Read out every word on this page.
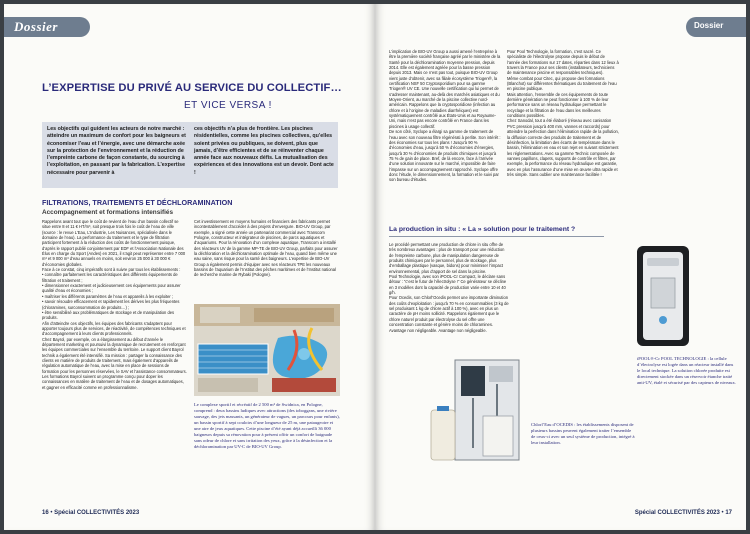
Dossier
L’EXPERTISE DU PRIVÉ AU SERVICE DU COLLECTIF…
ET VICE VERSA !
Les objectifs qui guident les acteurs de notre marché : atteindre un maximum de confort pour les baigneurs et économiser l’eau et l’énergie, avec une démarche axée sur la protection de l’environnement et la réduction de l’empreinte carbone de façon constante, du sourcing à l’exploitation, en passant par la fabrication. L’expertise nécessaire pour parvenir à
ces objectifs n’a plus de frontière. Les piscines résidentielles, comme les piscines collectives, qu’elles soient privées ou publiques, se doivent, plus que jamais, d’être efficientes et de se réinventer chaque année face aux nouveaux défis. La mutualisation des expériences et des innovations est un devoir. Dont acte !
FILTRATIONS, TRAITEMENTS ET DÉCHLORAMINATION
Accompagnement et formations intensifiés
Rappelons avant tout que le coût de revient de l’eau d’un bassin collectif se situe entre 8 et 11 € HT/m³, soit presque trois fois le coût de l’eau de ville (source : le revue L’Eau, L’Industrie, Les Nuisances, spécialisée dans le domaine de l’eau). La performance du traitement et le type de filtration participent fortement à la réduction des coûts de fonctionnement puisque, d’après le rapport publié conjointement par EDF et l’Association Nationale des Élus en charge du Sport (Andes) en 2021, il s’agit peut représenter entre 7 000 m³ et 9 000 m³ d’eau annuels en moins, soit environ 25 000 à 30 000 € d’économies globales.
Face à ce constat, cinq impératifs sont à suivre par tous les établissements :
• connaître parfaitement les caractéristiques des différents équipements de filtration et traitement ;
• dimensionner exactement et judicieusement ces équipements pour assurer qualité d’eau et économies ;
• maîtriser les différents paramètres de l’eau et appareils à les exploiter ;
• savoir résoudre efficacement et rapidement les dérives les plus fréquentes (chloramines, surconsommation de produits…) ;
• être sensibilisé aux problématiques de stockage et de manipulation des produits.
Afin d’atteindre ces objectifs, les équipes des fabricants s’adaptent pour apporter toujours plus de services, de réactivité, de compétences techniques et d’accompagnement à leurs clients professionnels.
Chez Bayrol, par exemple, on a élargissement au début d’année le département marketing et poursuivi la dynamique de recrutement en renforçant les équipes commerciales sur l’ensemble du territoire. Le support client Bayrol technik a également été intensifié. Sa mission : partager la connaissance des clients en matière de produits de traitement, mais également d’appareils de régulation automatique de l’eau, avec la mise en place de sessions de formation pour les personnes réservées, le SAV et l’assistance consommateurs. Les formations Bayrol suivent un programme conçu pour doper les connaissances en matière de traitement de l’eau et de dosages automatiques, et gagner en efficacité comme en professionnalisme.
Cet investissement en moyens humains et financiers des fabricants permet incontestablement d’accéder à des projets d’envergure. BIO-UV Group, par exemple, a signé cette année un partenariat commercial avec Transcom Pologne, constructeur et intégrateur de piscines, de parcs aquatiques et d’aquariums. Pour la rénovation d’un complexe aquatique, Transcom a installé des réacteurs UV de la gamme MP-TE de BIO-UV Group, parfaits pour assurer la déchloration et la déchloramination optimale de l’eau, quand bien même une eau saine, sans risque pour la santé des baigneurs. L’expertise de BIO-UV Group a également permis d’équiper avec ses réacteurs TPE les nouveaux bassins de l’aquarium de l’Institut des pêches maritimes et de l’Institut national de recherche marine de Rybaki (Pologne).
Le complexe sportif et récréatif de 2 500 m² de Swidnica, en Pologne, comprend : deux bassins ludiques avec attractions (des toboggans, une rivière sauvage, des jets massants, un générateur de vagues, un parcours pour enfants), un bassin sportif à sept couloirs d’une longueur de 25 m, une pataugeoire et une aire de jeux aquatiques. Cette piscine d’été ayant déjà accueilli 36 000 baigneurs depuis sa rénovation pour à présent offrir un confort de baignade sans odeur de chlore et sans irritation des yeux, grâce à la désinfection et la déchloramination par UV-C de BIO-UV Group.
16 • Spécial COLLECTIVITÉS 2023
Dossier
L’implication de BIO-UV Group a aussi amené l’entreprise à être la première société française agréé par le ministère de la Santé pour la déchloramination moyenne pression, depuis 2014. Elle est également agréée pour la basse pression depuis 2013. Mais ce n’est pas tout, puisque BIO-UV Group vient juste d’obtenir, avec sa filiale écosystème Triogen®, la certification NSF 50 Cryptosporidium pour sa gamme Triogen® UV CE. Une nouvelle certification qui lui permet de s’adresser maintenant, au-delà des marchés asiatiques et du Moyen-Orient, au marché de la piscine collective nord-américain. Rappelons que la cryptosporidiose (infection au chlore et à l’origine de maladies diarrhéiques) est systématiquement contrôlé aux États-Unis et au Royaume-Uni, mais n’est pas encore contrôlé en France dans les piscines à usage collectif.
De son côté, Syclope a élargi sa gamme de traitement de l’eau avec son nouveau filtre régénérati à perlite. Son intérêt : des économies sur tous les plans ! Jusqu’à 90 % d’économies d’eau, jusqu’à 50 % d’économies d’énergies, jusqu’à 30 % d’économies de produits chimiques et jusqu’à 75 % de gain de place. Bref, de là encore, face à l’arrivée d’une solution innovante sur le marché, impossible de faire l’impasse sur un accompagnement rapproché. Syclope offre donc l’étude, le dimensionnement, la formation et le suivi par son bureau d’études.
Pour Pool Technologie, la formation, c’est sacré. Ce spécialiste de l’électrolyse propose depuis le début de l’année des formations sur 17 dates, réparties dans 12 lieux à travers la France pour ses clients (installateurs, techniciens de maintenance piscine et responsables techniques).
Même combat pour Citec, qui propose des formations (Blanchot) sur différentes thématiques du traitement de l’eau en piscine publique.
Mais attention, l’ensemble de ces équipements de toute dernière génération ne peut fonctionner à 100 % de leur performance sans un réseau hydraulique permettant le recyclage et la filtration de l’eau dans les meilleures conditions possibles.
Chez Sanodal, tout a été élaboré (réseau avec canisation PVC pression jusqu’à 400 mm, vannes et raccords) pour atteindre la perfection dans l’élimination rapide de la pollution, la diffusion correcte des produits de traitement et de désinfection, la limitation des écarts de température dans le bassin, l’élimination en eau et son rejet en suivant strictement les réglementations. Avec sa gamme Technic composée de vannes papillons, clapets, supports de contrôle et filtres, par exemple, la performance du réseau hydraulique est garantie, avec en plus l’assurance d’une mise en œuvre ultra rapide et très simple. Sans oublier une maintenance facilitée !
La production in situ : « La » solution pour le traitement ?
Le procédé permettant une production de chlore in situ offre de très nombreux avantages : plus de transport pour une réduction de l’empreinte carbone, plus de manipulation dangereuse de produits chimiques par le personnel, plus de stockage, plus d’emballage plastique (vasque, bidons) pour minimiser l’impact environnemental, plus d’apport de sel dans la piscine.
Pool Technologie, avec son iPOOL-Cr Compact, le déclare sans détour : “c’est le futur de l’électrolyse !” Ce générateur se décline en 3 modèles dont la capacité de production varie entre 10 et 40 g/h.
Pour Ocedis, son Chlorl’Ocedis permet une importante diminution des coûts d’exploitation : jusqu’à 70 % en consommables (3 kg de sel produisant 1 kg de chlore actif à 100 %), avec en plus un caractère de pH moins sollicité. Rappelons également que le chlore naturel produit par électrolyse du sel offre une concentration constante et génère moins de chloramines. Avantage non négligeable. Avantage non négligeable.
iPOOL®-Cr POOL TECHNOLOGIE : la cellule d’électrolyse est logée dans un réacteur installé dans le local technique. La solution chlorée produite est directement stockée dans un réservoir étanche traité anti-UV, étalé et sécurisé par des capteurs de niveaux.
Chlorl’Eau d’OCEDIS : les établissements disposent de plusieurs bassins peuvent également traiter l’ensemble de ceux-ci avec un seul système de production, intégré à leur installation.
Spécial COLLECTIVITÉS 2023 • 17
